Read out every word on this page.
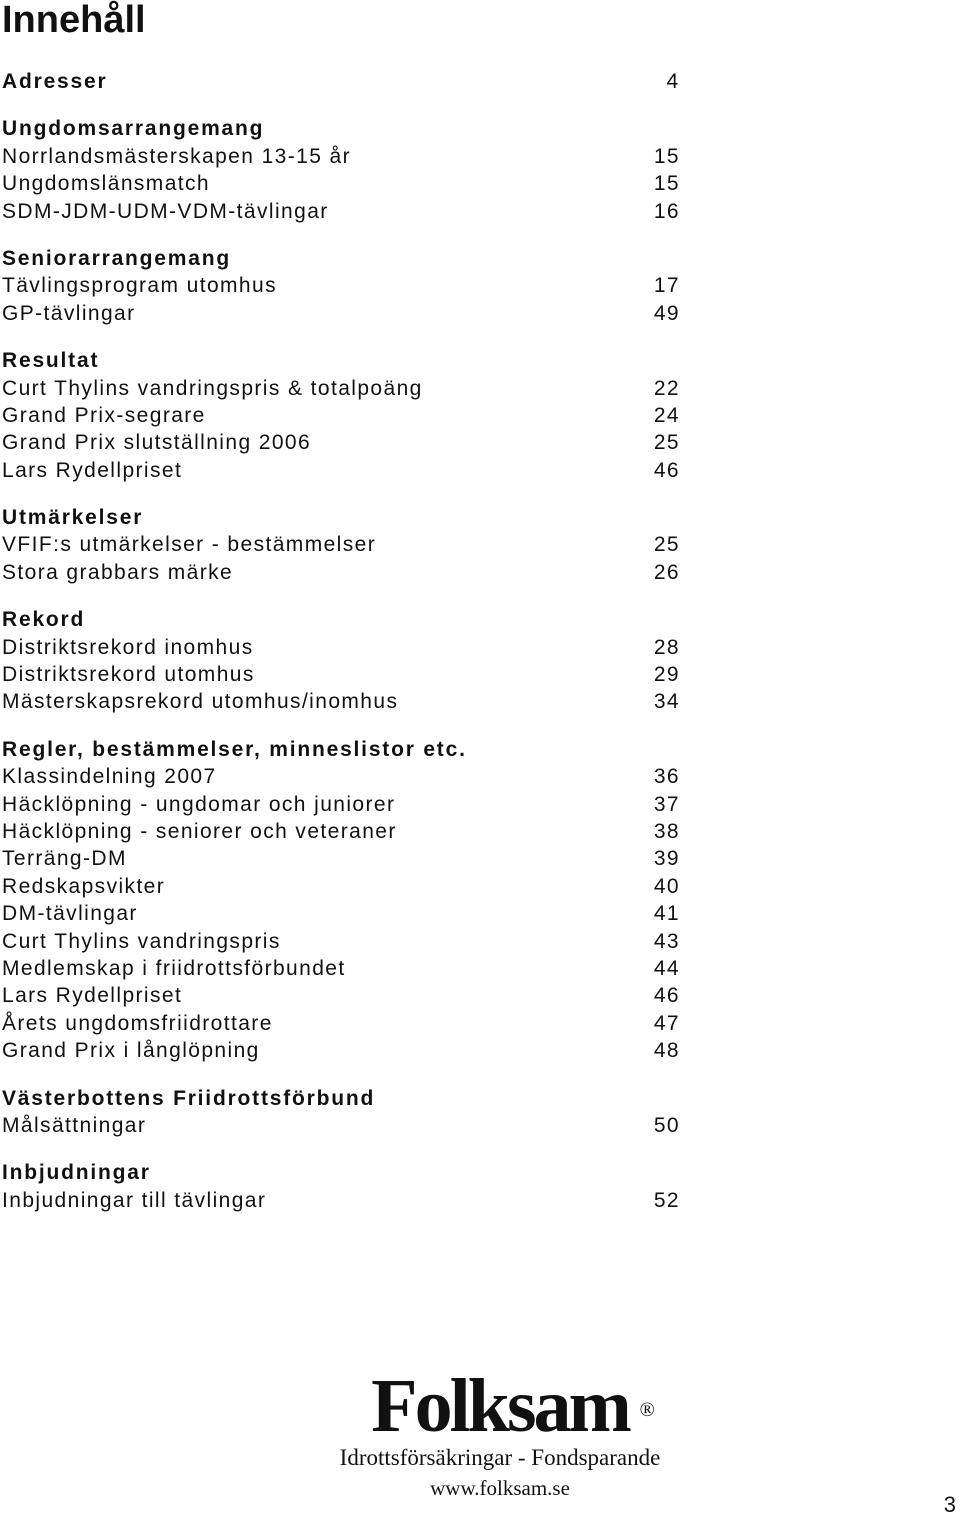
Innehåll
Adresser	4
Ungdomsarrangemang
Norrlandsmästerskapen 13-15 år	15
Ungdomslänsmatch	15
SDM-JDM-UDM-VDM-tävlingar	16
Seniorarrangemang
Tävlingsprogram utomhus	17
GP-tävlingar	49
Resultat
Curt Thylins vandringspris & totalpoäng	22
Grand Prix-segrare	24
Grand Prix slutställning 2006	25
Lars Rydellpriset	46
Utmärkelser
VFIF:s utmärkelser - bestämmelser	25
Stora grabbars märke	26
Rekord
Distriktsrekord inomhus	28
Distriktsrekord utomhus	29
Mästerskapsrekord utomhus/inomhus	34
Regler, bestämmelser, minneslistor etc.
Klassindelning 2007	36
Häcklöpning - ungdomar och juniorer	37
Häcklöpning - seniorer och veteraner	38
Terräng-DM	39
Redskapsvikter	40
DM-tävlingar	41
Curt Thylins vandringspris	43
Medlemskap i friidrottsförbundet	44
Lars Rydellpriset	46
Årets ungdomsfriidrottare	47
Grand Prix i långlöpning	48
Västerbottens Friidrottsförbund
Målsättningar	50
Inbjudningar
Inbjudningar till tävlingar	52
Folksam ®
Idrottsförsäkringar - Fondsparande
www.folksam.se
3
